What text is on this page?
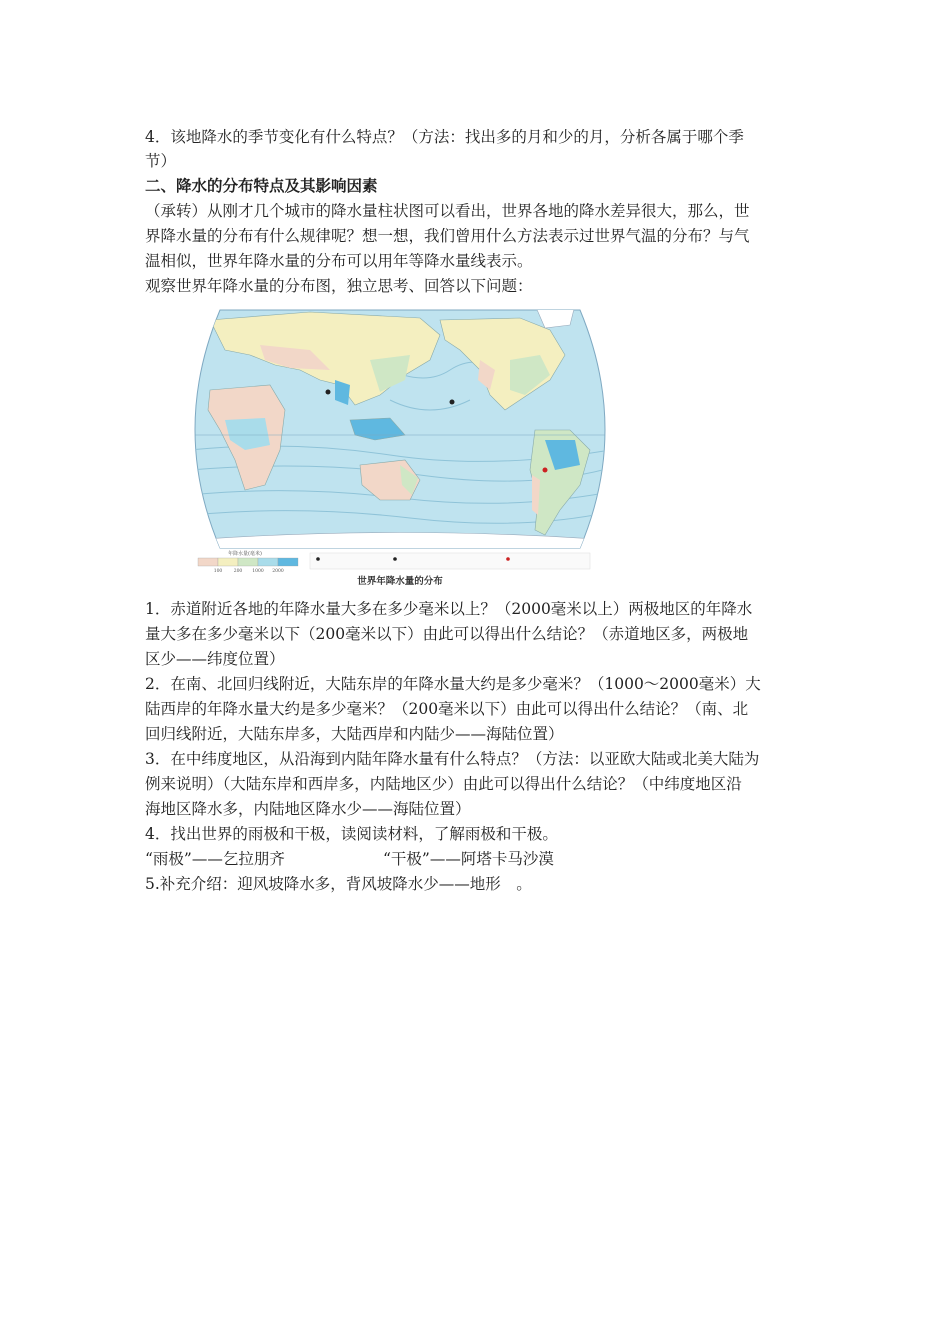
4．该地降水的季节变化有什么特点？（方法：找出多的月和少的月，分析各属于哪个季
节）
二、降水的分布特点及其影响因素
（承转）从刚才几个城市的降水量柱状图可以看出，世界各地的降水差异很大，那么，世
界降水量的分布有什么规律呢？想一想，我们曾用什么方法表示过世界气温的分布？与气
温相似，世界年降水量的分布可以用年等降水量线表示。
观察世界年降水量的分布图，独立思考、回答以下问题：
年降水量(毫米)
100	200 1000 2000
世界年降水量的分布
1．赤道附近各地的年降水量大多在多少毫米以上？（2000毫米以上）两极地区的年降水
量大多在多少毫米以下（200毫米以下）由此可以得出什么结论？（赤道地区多，两极地
区少——纬度位置）
2．在南、北回归线附近，大陆东岸的年降水量大约是多少毫米？（1000～2000毫米）大
陆西岸的年降水量大约是多少毫米？（200毫米以下）由此可以得出什么结论？（南、北
回归线附近，大陆东岸多，大陆西岸和内陆少——海陆位置）
3．在中纬度地区，从沿海到内陆年降水量有什么特点？（方法：以亚欧大陆或北美大陆为
例来说明）（大陆东岸和西岸多，内陆地区少）由此可以得出什么结论？（中纬度地区沿
海地区降水多，内陆地区降水少——海陆位置）
4．找出世界的雨极和干极，读阅读材料，了解雨极和干极。
“雨极”——乞拉朋齐	“干极”——阿塔卡马沙漠
5.补充介绍：迎风坡降水多，背风坡降水少——地形　。
